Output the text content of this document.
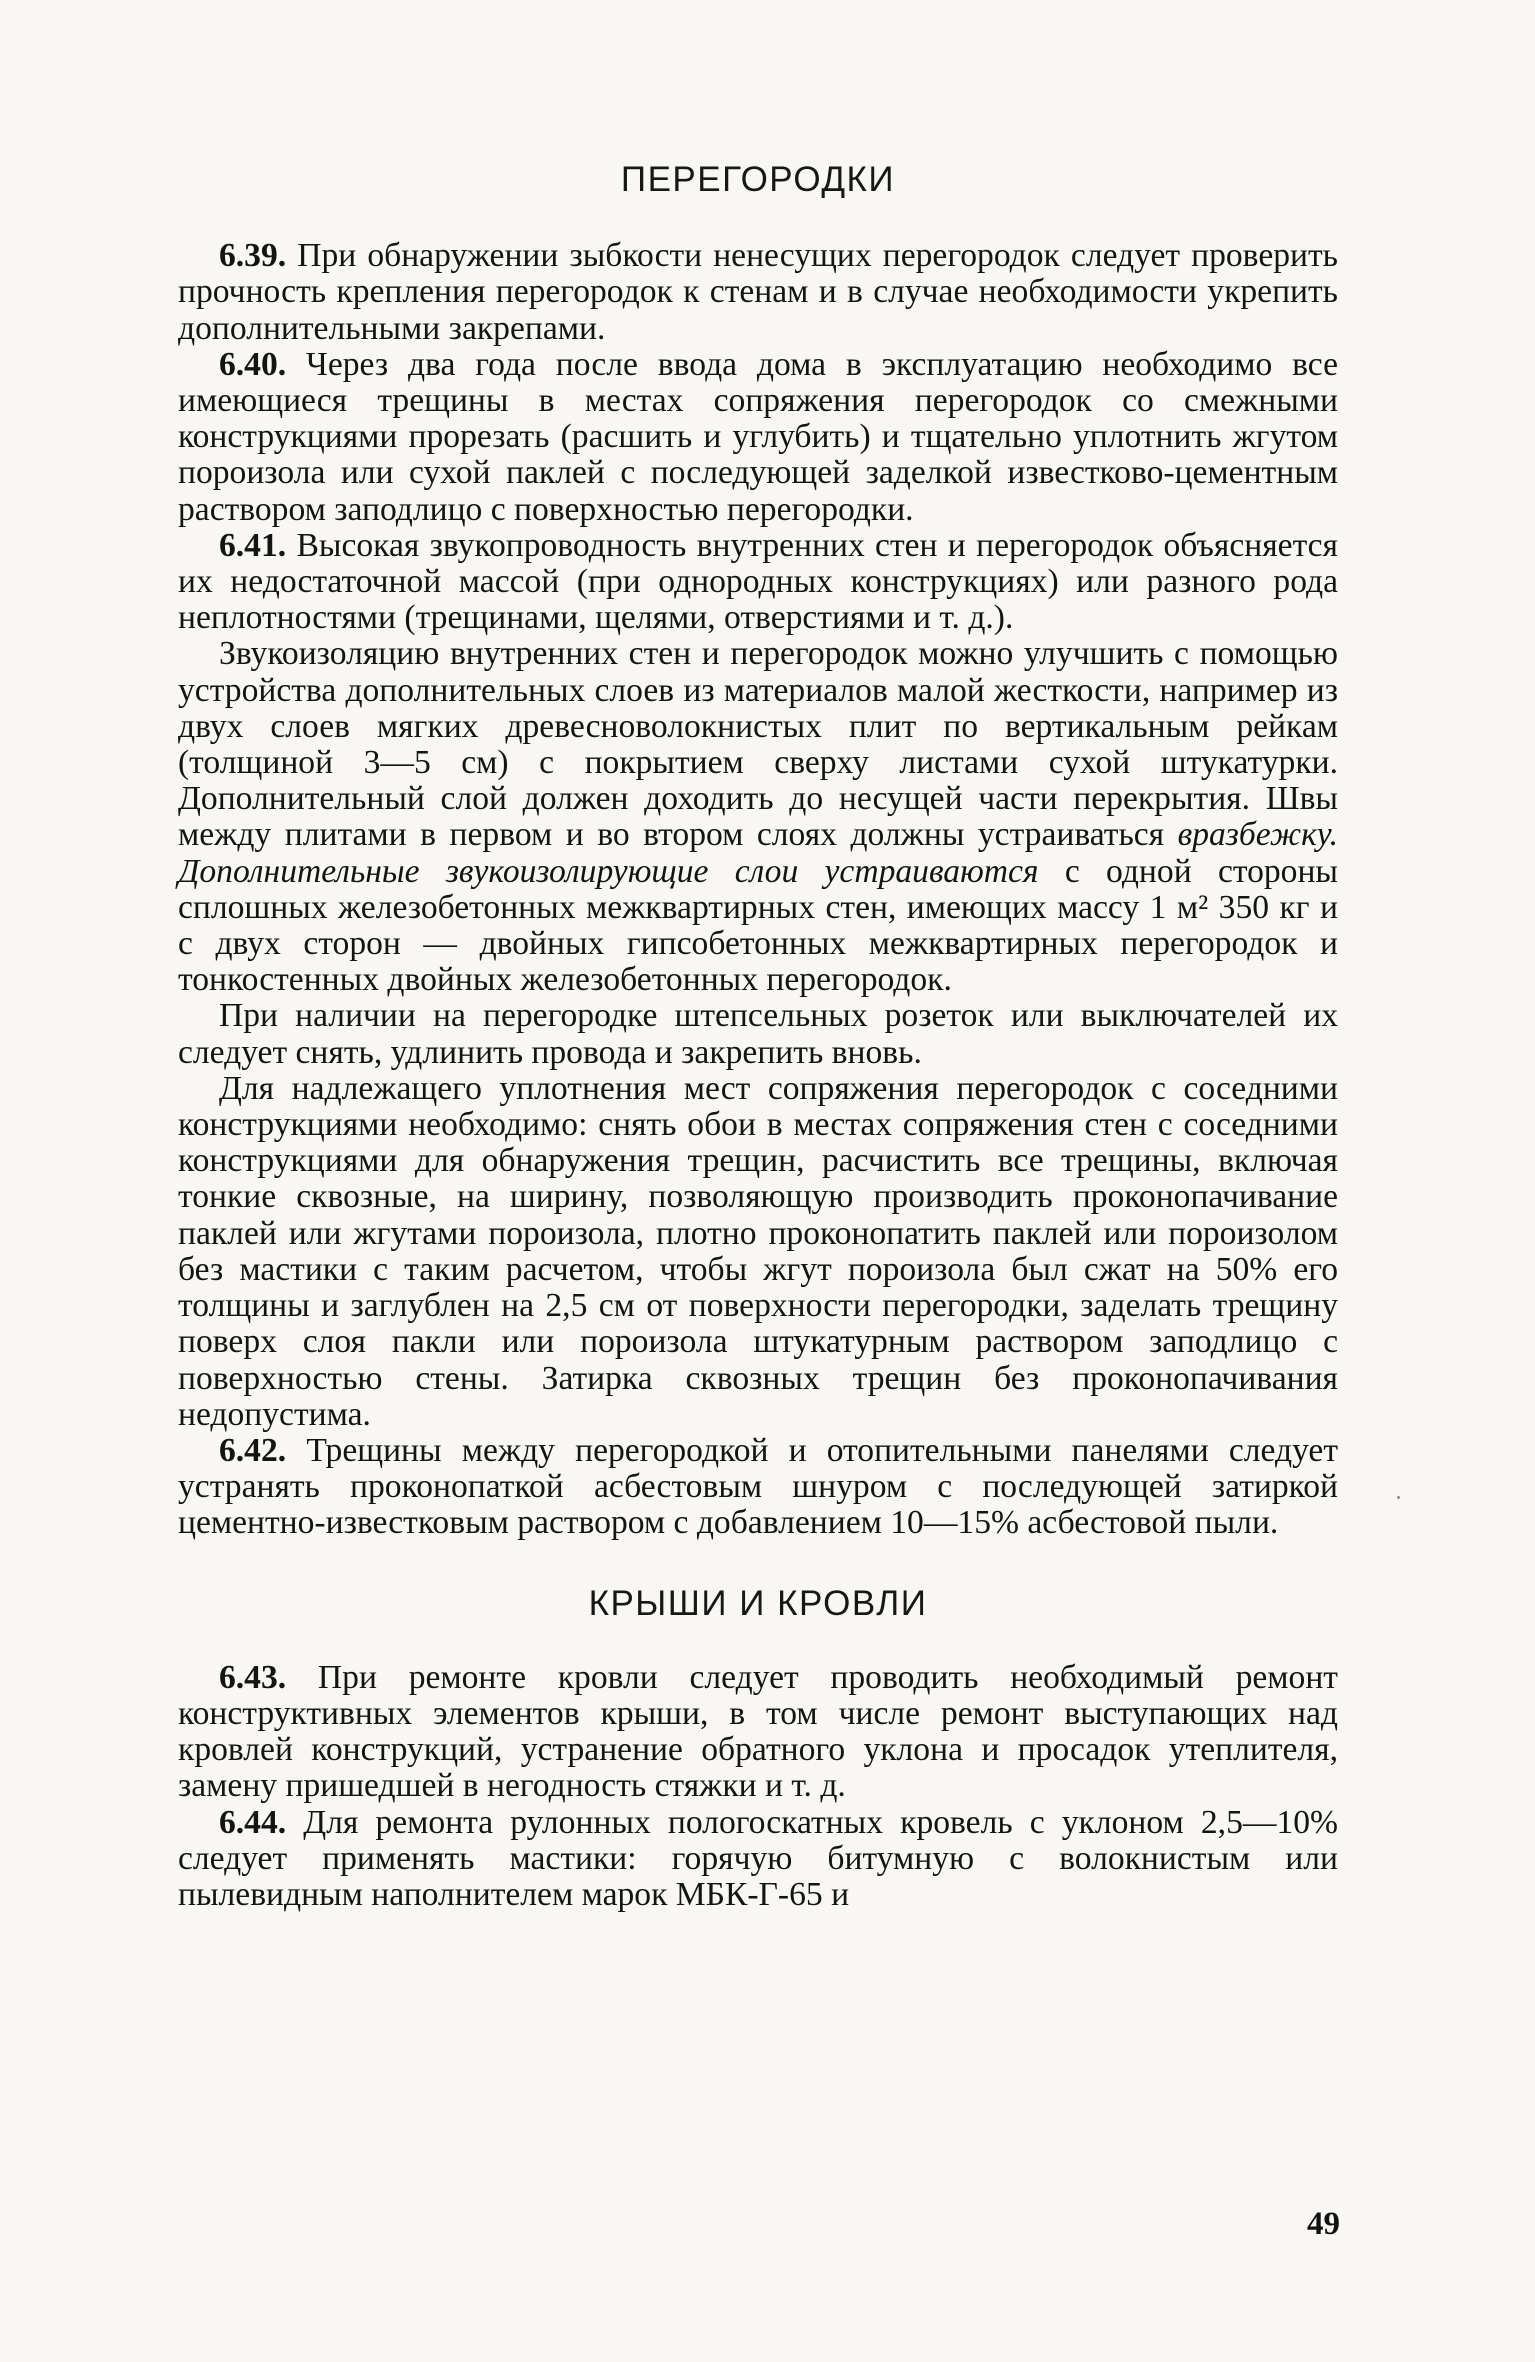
ПЕРЕГОРОДКИ

6.39. При обнаружении зыбкости ненесущих перегородок следует проверить прочность крепления перегородок к стенам и в случае необходимости укрепить дополнительными закрепами.

6.40. Через два года после ввода дома в эксплуатацию необходимо все имеющиеся трещины в местах сопряжения перегородок со смежными конструкциями прорезать (расшить и углубить) и тщательно уплотнить жгутом пороизола или сухой паклей с последующей заделкой известково-цементным раствором заподлицо с поверхностью перегородки.

6.41. Высокая звукопроводность внутренних стен и перегородок объясняется их недостаточной массой (при однородных конструкциях) или разного рода неплотностями (трещинами, щелями, отверстиями и т. д.).

Звукоизоляцию внутренних стен и перегородок можно улучшить с помощью устройства дополнительных слоев из материалов малой жесткости, например из двух слоев мягких древесноволокнистых плит по вертикальным рейкам (толщиной 3—5 см) с покрытием сверху листами сухой штукатурки. Дополнительный слой должен доходить до несущей части перекрытия. Швы между плитами в первом и во втором слоях должны устраиваться вразбежку. Дополнительные звукоизолирующие слои устраиваются с одной стороны сплошных железобетонных межквартирных стен, имеющих массу 1 м² 350 кг и с двух сторон — двойных гипсобетонных межквартирных перегородок и тонкостенных двойных железобетонных перегородок.

При наличии на перегородке штепсельных розеток или выключателей их следует снять, удлинить провода и закрепить вновь.

Для надлежащего уплотнения мест сопряжения перегородок с соседними конструкциями необходимо: снять обои в местах сопряжения стен с соседними конструкциями для обнаружения трещин, расчистить все трещины, включая тонкие сквозные, на ширину, позволяющую производить проконопачивание паклей или жгутами пороизола, плотно проконопатить паклей или пороизолом без мастики с таким расчетом, чтобы жгут пороизола был сжат на 50% его толщины и заглублен на 2,5 см от поверхности перегородки, заделать трещину поверх слоя пакли или пороизола штукатурным раствором заподлицо с поверхностью стены. Затирка сквозных трещин без проконопачивания недопустима.

6.42. Трещины между перегородкой и отопительными панелями следует устранять проконопаткой асбестовым шнуром с последующей затиркой цементно-известковым раствором с добавлением 10—15% асбестовой пыли.

КРЫШИ И КРОВЛИ

6.43. При ремонте кровли следует проводить необходимый ремонт конструктивных элементов крыши, в том числе ремонт выступающих над кровлей конструкций, устранение обратного уклона и просадок утеплителя, замену пришедшей в негодность стяжки и т. д.

6.44. Для ремонта рулонных пологоскатных кровель с уклоном 2,5—10% следует применять мастики: горячую битумную с волокнистым или пылевидным наполнителем марок МБК-Г-65 и

49
